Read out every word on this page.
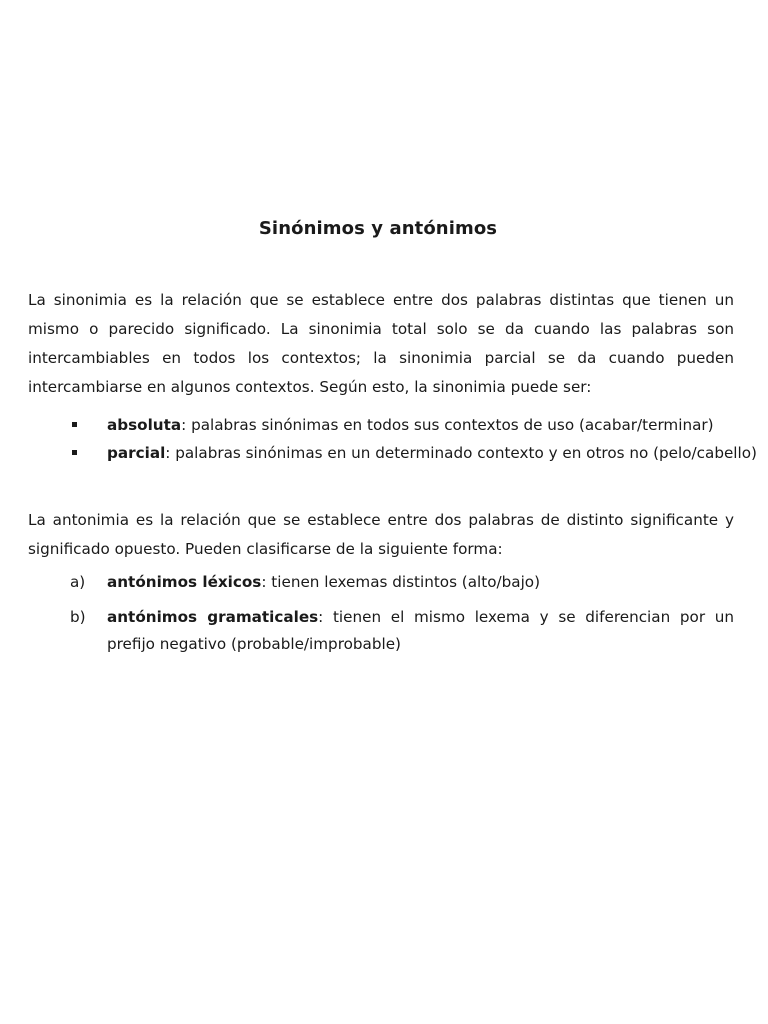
Sinónimos y antónimos

La sinonimia es la relación que se establece entre dos palabras distintas que tienen un mismo o parecido significado. La sinonimia total solo se da cuando las palabras son intercambiables en todos los contextos; la sinonimia parcial se da cuando pueden intercambiarse en algunos contextos. Según esto, la sinonimia puede ser:

absoluta: palabras sinónimas en todos sus contextos de uso (acabar/terminar)
parcial: palabras sinónimas en un determinado contexto y en otros no (pelo/cabello)

La antonimia es la relación que se establece entre dos palabras de distinto significante y significado opuesto. Pueden clasificarse de la siguiente forma:

a) antónimos léxicos: tienen lexemas distintos (alto/bajo)
b) antónimos gramaticales: tienen el mismo lexema y se diferencian por un prefijo negativo (probable/improbable)
